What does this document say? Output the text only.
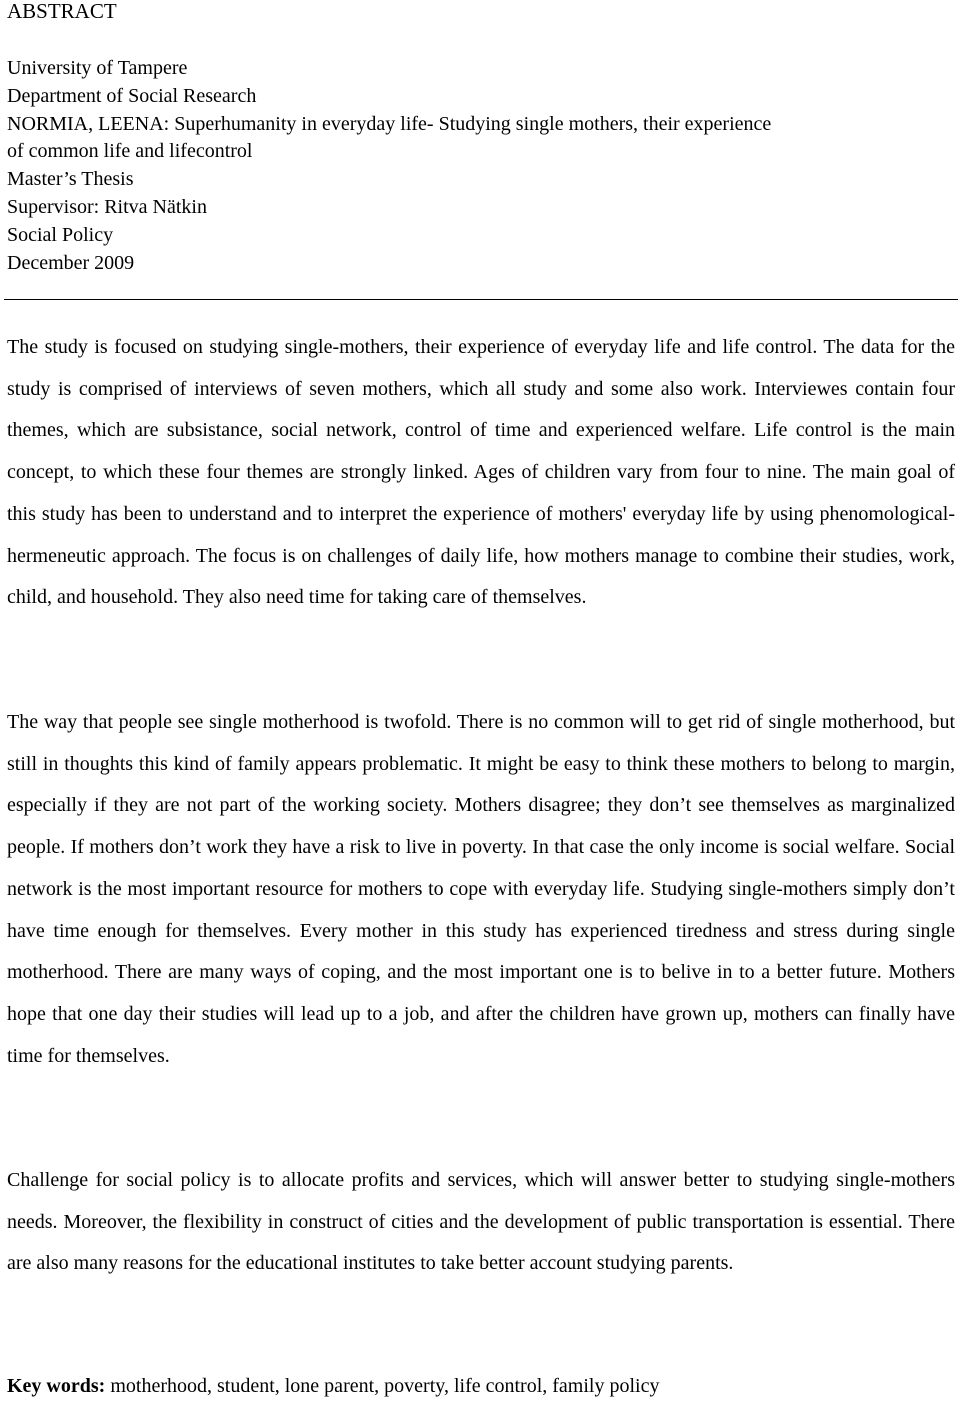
ABSTRACT
University of Tampere
Department of Social Research
NORMIA, LEENA: Superhumanity in everyday life- Studying single mothers, their experience
of common life and lifecontrol
Master’s Thesis
Supervisor: Ritva Nätkin
Social Policy
December 2009

The study is focused on studying single-mothers, their experience of everyday life and life control. The data for the study is comprised of interviews of seven mothers, which all study and some also work. Interviewes contain four themes, which are subsistance, social network, control of time and experienced welfare. Life control is the main concept, to which these four themes are strongly linked. Ages of children vary from four to nine. The main goal of this study has been to understand and to interpret the experience of mothers' everyday life by using phenomological-hermeneutic approach. The focus is on challenges of daily life, how mothers manage to combine their studies, work, child, and household. They also need time for taking care of themselves.

The way that people see single motherhood is twofold. There is no common will to get rid of single motherhood, but still in thoughts this kind of family appears problematic. It might be easy to think these mothers to belong to margin, especially if they are not part of the working society. Mothers disagree; they don’t see themselves as marginalized people. If mothers don’t work they have a risk to live in poverty. In that case the only income is social welfare. Social network is the most important resource for mothers to cope with everyday life. Studying single-mothers simply don’t have time enough for themselves. Every mother in this study has experienced tiredness and stress during single motherhood. There are many ways of coping, and the most important one is to belive in to a better future. Mothers hope that one day their studies will lead up to a job, and after the children have grown up, mothers can finally have time for themselves.

Challenge for social policy is to allocate profits and services, which will answer better to studying single-mothers needs. Moreover, the flexibility in construct of cities and the development of public transportation is essential. There are also many reasons for the educational institutes to take better account studying parents.

Key words: motherhood, student, lone parent, poverty, life control, family policy
